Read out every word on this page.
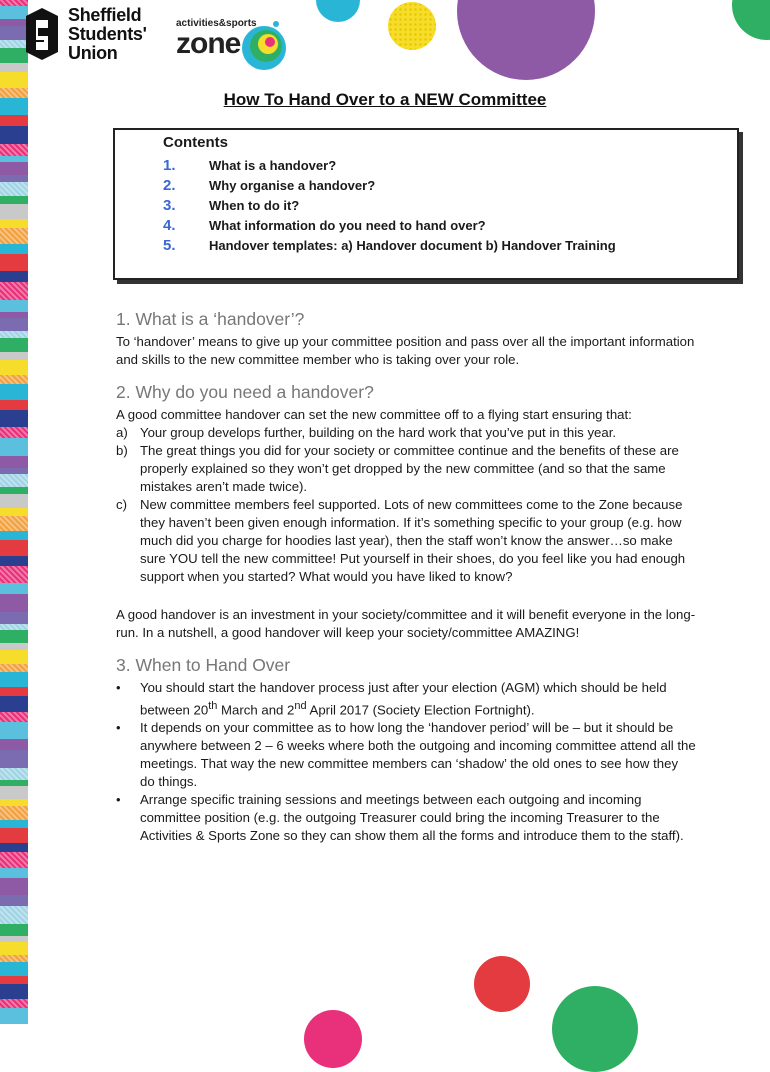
Sheffield
Students'
Union
activities&sports
zone
How To Hand Over to a NEW Committee
Contents
1.	What is a handover?
2.	Why organise a handover?
3.	When to do it?
4.	What information do you need to hand over?
5.	Handover templates: a) Handover document b) Handover Training
1. What is a ‘handover’?

To ‘handover’ means to give up your committee position and pass over all the important information and skills to the new committee member who is taking over your role.

2. Why do you need a handover?

A good committee handover can set the new committee off to a flying start ensuring that:

a) Your group develops further, building on the hard work that you’ve put in this year.
b) The great things you did for your society or committee continue and the benefits of these are properly explained so they won’t get dropped by the new committee (and so that the same mistakes aren’t made twice).
c) New committee members feel supported. Lots of new committees come to the Zone because they haven’t been given enough information. If it’s something specific to your group (e.g. how much did you charge for hoodies last year), then the staff won’t know the answer…so make sure YOU tell the new committee! Put yourself in their shoes, do you feel like you had enough support when you started? What would you have liked to know?

A good handover is an investment in your society/committee and it will benefit everyone in the long-run. In a nutshell, a good handover will keep your society/committee AMAZING!

3. When to Hand Over
•	You should start the handover process just after your election (AGM) which should be held between 20th March and 2nd April 2017 (Society Election Fortnight).
•	It depends on your committee as to how long the ‘handover period’ will be – but it should be anywhere between 2 – 6 weeks where both the outgoing and incoming committee attend all the meetings. That way the new committee members can ‘shadow’ the old ones to see how they do things.
•	Arrange specific training sessions and meetings between each outgoing and incoming committee position (e.g. the outgoing Treasurer could bring the incoming Treasurer to the Activities & Sports Zone so they can show them all the forms and introduce them to the staff).
